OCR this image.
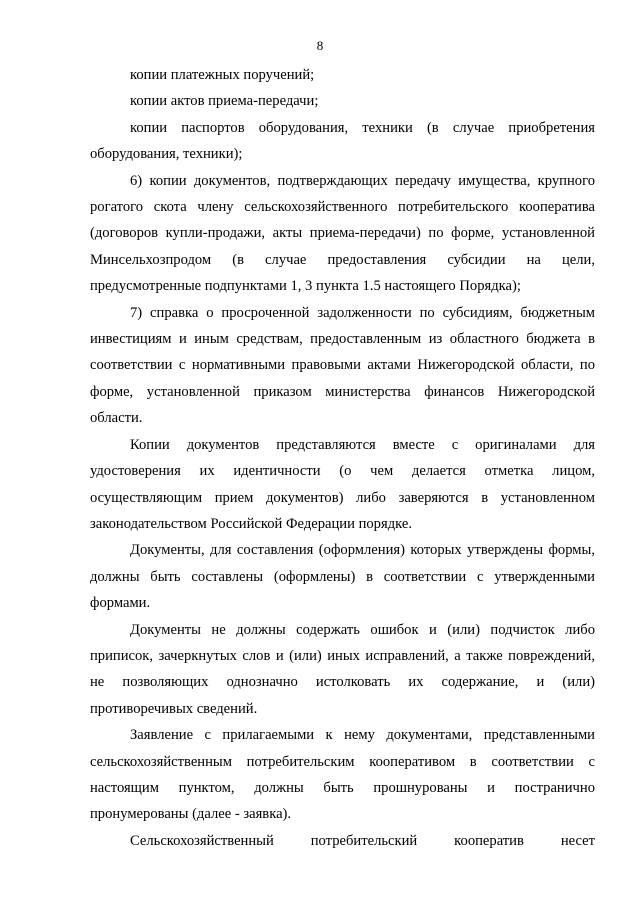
8

копии платежных поручений;

копии актов приема-передачи;

копии паспортов оборудования, техники (в случае приобретения оборудования, техники);

6) копии документов, подтверждающих передачу имущества, крупного рогатого скота члену сельскохозяйственного потребительского кооператива (договоров купли-продажи, акты приема-передачи) по форме, установленной Минсельхозпродом (в случае предоставления субсидии на цели, предусмотренные подпунктами 1, 3 пункта 1.5 настоящего Порядка);

7) справка о просроченной задолженности по субсидиям, бюджетным инвестициям и иным средствам, предоставленным из областного бюджета в соответствии с нормативными правовыми актами Нижегородской области, по форме, установленной приказом министерства финансов Нижегородской области.

Копии документов представляются вместе с оригиналами для удостоверения их идентичности (о чем делается отметка лицом, осуществляющим прием документов) либо заверяются в установленном законодательством Российской Федерации порядке.

Документы, для составления (оформления) которых утверждены формы, должны быть составлены (оформлены) в соответствии с утвержденными формами.

Документы не должны содержать ошибок и (или) подчисток либо приписок, зачеркнутых слов и (или) иных исправлений, а также повреждений, не позволяющих однозначно истолковать их содержание, и (или) противоречивых сведений.

Заявление с прилагаемыми к нему документами, представленными сельскохозяйственным потребительским кооперативом в соответствии с настоящим пунктом, должны быть прошнурованы и постранично пронумерованы (далее - заявка).

Сельскохозяйственный потребительский кооператив несет
